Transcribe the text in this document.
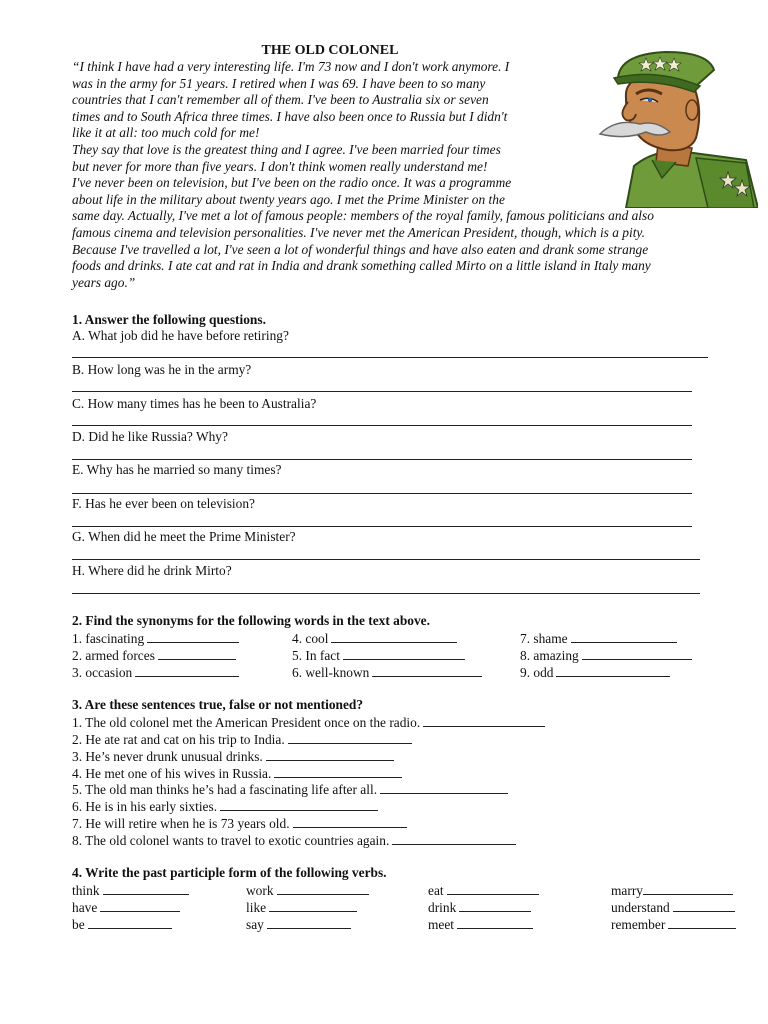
THE OLD COLONEL
“I think I have had a very interesting life. I'm 73 now and I don't work anymore. I
was in the army for 51 years. I retired when I was 69. I have been to so many
countries that I can't remember all of them. I've been to Australia six or seven
times and to South Africa three times. I have also been once to Russia but I didn't
like it at all: too much cold for me!
They say that love is the greatest thing and I agree. I've been married four times
but never for more than five years. I don't think women really understand me!
I've never been on television, but I've been on the radio once. It was a programme
about life in the military about twenty years ago. I met the Prime Minister on the
same day. Actually, I've met a lot of famous people: members of the royal family, famous politicians and also
famous cinema and television personalities. I've never met the American President, though, which is a pity.
Because I've travelled a lot, I've seen a lot of wonderful things and have also eaten and drank some strange
foods and drinks. I ate cat and rat in India and drank something called Mirto on a little island in Italy many
years ago.”
1. Answer the following questions.
A. What job did he have before retiring?
B. How long was he in the army?
C. How many times has he been to Australia?
D. Did he like Russia? Why?
E. Why has he married so many times?
F. Has he ever been on television?
G. When did he meet the Prime Minister?
H. Where did he drink Mirto?
2. Find the synonyms for the following words in the text above.
1. fascinating	4. cool	7. shame
2. armed forces	5. In fact	8. amazing
3. occasion	6. well-known	9. odd
3. Are these sentences true, false or not mentioned?
1. The old colonel met the American President once on the radio.
2. He ate rat and cat on his trip to India.
3. He’s never drunk unusual drinks.
4. He met one of his wives in Russia.
5. The old man thinks he’s had a fascinating life after all.
6. He is in his early sixties.
7. He will retire when he is 73 years old.
8. The old colonel wants to travel to exotic countries again.
4. Write the past participle form of the following verbs.
think	work	eat	marry
have	like	drink	understand
be	say	meet	remember
